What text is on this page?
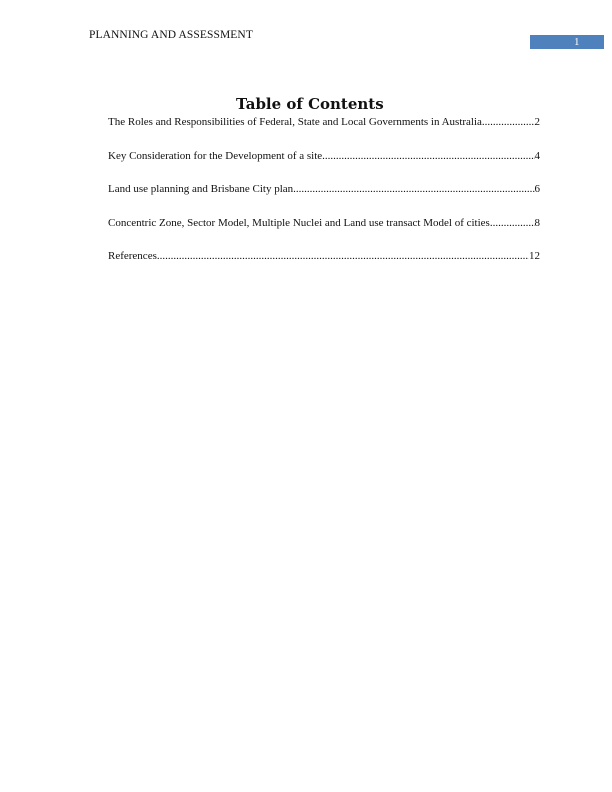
PLANNING AND ASSESSMENT
1
Table of Contents
The Roles and Responsibilities of Federal, State and Local Governments in Australia .....	2
Key Consideration for the Development of a site .....	4
Land use planning and Brisbane City plan .....	6
Concentric Zone, Sector Model, Multiple Nuclei and Land use transact Model of cities .....	8
References .....	12
